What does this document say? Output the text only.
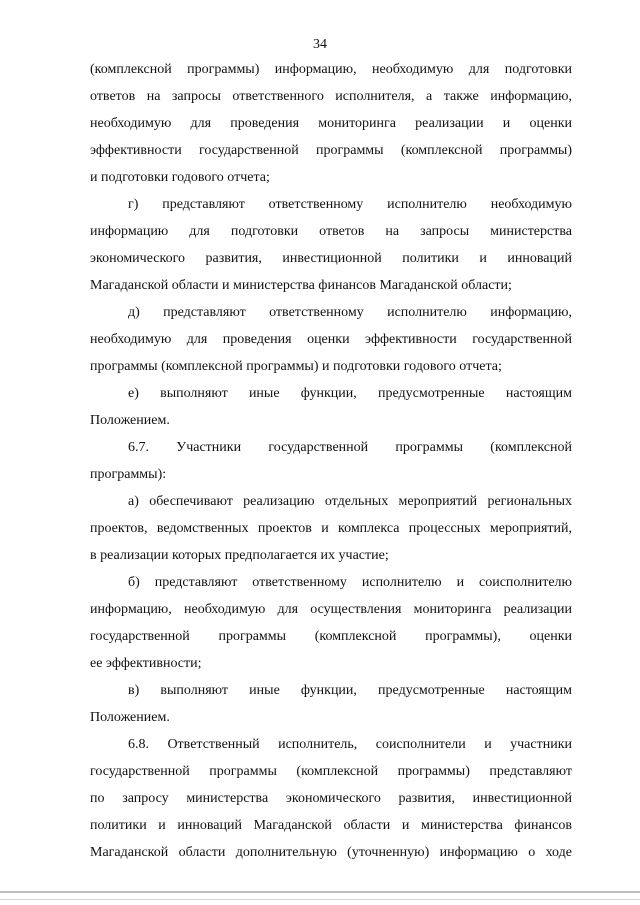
34
(комплексной программы) информацию, необходимую для подготовки
ответов на запросы ответственного исполнителя, а также информацию,
необходимую для проведения мониторинга реализации и оценки
эффективности государственной программы (комплексной программы)
и подготовки годового отчета;
г) представляют ответственному исполнителю необходимую
информацию для подготовки ответов на запросы министерства
экономического развития, инвестиционной политики и инноваций
Магаданской области и министерства финансов Магаданской области;
д) представляют ответственному исполнителю информацию,
необходимую для проведения оценки эффективности государственной
программы (комплексной программы) и подготовки годового отчета;
е) выполняют иные функции, предусмотренные настоящим
Положением.
6.7. Участники государственной программы (комплексной
программы):
а) обеспечивают реализацию отдельных мероприятий региональных
проектов, ведомственных проектов и комплекса процессных мероприятий,
в реализации которых предполагается их участие;
б) представляют ответственному исполнителю и соисполнителю
информацию, необходимую для осуществления мониторинга реализации
государственной программы (комплексной программы), оценки
ее эффективности;
в) выполняют иные функции, предусмотренные настоящим
Положением.
6.8. Ответственный исполнитель, соисполнители и участники
государственной программы (комплексной программы) представляют
по запросу министерства экономического развития, инвестиционной
политики и инноваций Магаданской области и министерства финансов
Магаданской области дополнительную (уточненную) информацию о ходе
